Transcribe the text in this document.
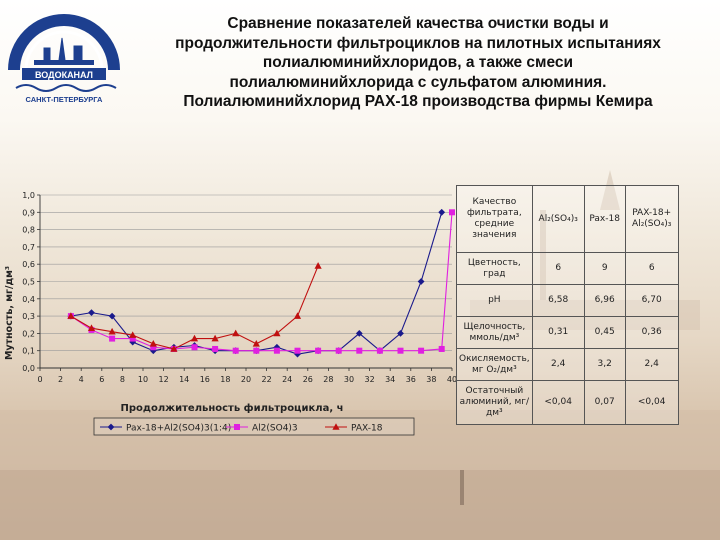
ВОДОКАНАЛ
САНКТ-ПЕТЕРБУРГА
Сравнение показателей качества очистки воды и
продолжительности фильтроциклов на пилотных испытаниях
полиалюминийхлоридов, а также смеси
полиалюминийхлорида с сульфатом алюминия.
Полиалюминийхлорид PAX-18 производства фирмы Кемира
0 2 4 6 8 10 12 14 16 18 20 22 24 26 28 30 32 34 36 38 40
0,0
0,1
0,2
0,3
0,4
0,5
0,6
0,7
0,8
0,9
1,0
Мутность, мг/дм³
Продолжительность фильтроцикла, ч
Pax-18+Al2(SO4)3(1:4) Al2(SO4)3	PAX-18
Качество фильтрата, средние значения	Al₂(SO₄)₃	Pax-18	PAX-18+ Al₂(SO₄)₃
Цветность, град	6	9	6
pH	6,58	6,96	6,70
Щелочность, ммоль/дм³	0,31	0,45	0,36
Окисляемость, мг O₂/дм³	2,4	3,2	2,4
Остаточный алюминий, мг/дм³	<0,04	0,07	<0,04
